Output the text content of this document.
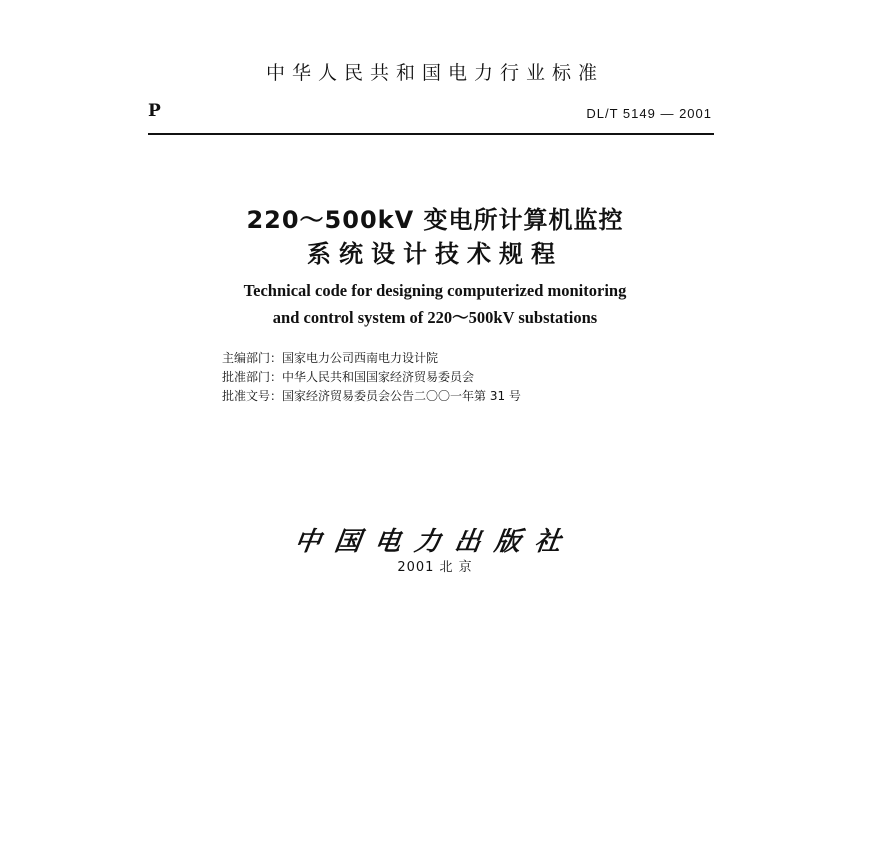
中华人民共和国电力行业标准
P	DL/T 5149 — 2001
220～500kV 变电所计算机监控
系统设计技术规程
Technical code for designing computerized monitoring
and control system of 220～500kV substations
主编部门：国家电力公司西南电力设计院
批准部门：中华人民共和国国家经济贸易委员会
批准文号：国家经济贸易委员会公告二〇〇一年第 31 号
中国电力出版社
2001 北 京
